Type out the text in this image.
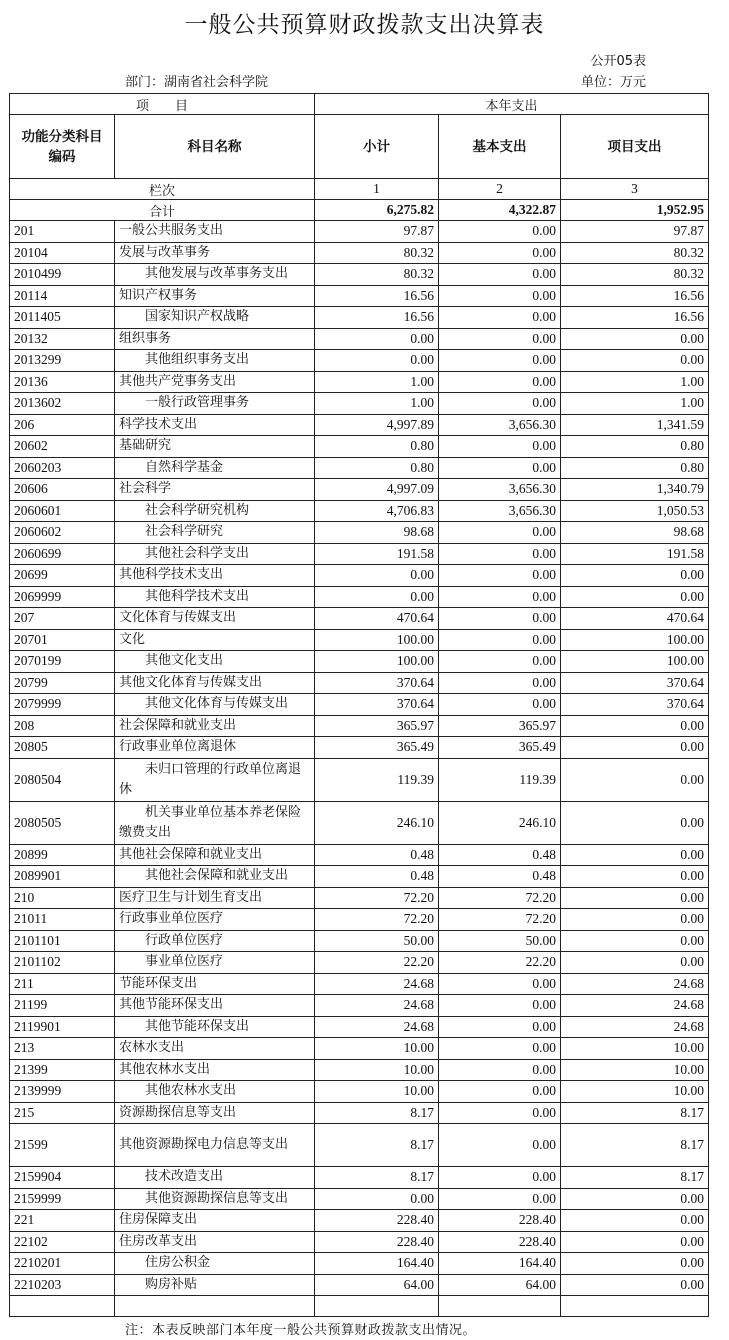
一般公共预算财政拨款支出决算表
公开05表
部门：湖南省社会科学院	单位：万元
项　　目		本年支出		
功能分类科目编码	科目名称	小计	基本支出	项目支出
栏次		1	2	3
合计		6,275.82	4,322.87	1,952.95
201	一般公共服务支出	97.87	0.00	97.87
20104	发展与改革事务	80.32	0.00	80.32
2010499	其他发展与改革事务支出	80.32	0.00	80.32
20114	知识产权事务	16.56	0.00	16.56
2011405	国家知识产权战略	16.56	0.00	16.56
20132	组织事务	0.00	0.00	0.00
2013299	其他组织事务支出	0.00	0.00	0.00
20136	其他共产党事务支出	1.00	0.00	1.00
2013602	一般行政管理事务	1.00	0.00	1.00
206	科学技术支出	4,997.89	3,656.30	1,341.59
20602	基础研究	0.80	0.00	0.80
2060203	自然科学基金	0.80	0.00	0.80
20606	社会科学	4,997.09	3,656.30	1,340.79
2060601	社会科学研究机构	4,706.83	3,656.30	1,050.53
2060602	社会科学研究	98.68	0.00	98.68
2060699	其他社会科学支出	191.58	0.00	191.58
20699	其他科学技术支出	0.00	0.00	0.00
2069999	其他科学技术支出	0.00	0.00	0.00
207	文化体育与传媒支出	470.64	0.00	470.64
20701	文化	100.00	0.00	100.00
2070199	其他文化支出	100.00	0.00	100.00
20799	其他文化体育与传媒支出	370.64	0.00	370.64
2079999	其他文化体育与传媒支出	370.64	0.00	370.64
208	社会保障和就业支出	365.97	365.97	0.00
20805	行政事业单位离退休	365.49	365.49	0.00
2080504	未归口管理的行政单位离退休	119.39	119.39	0.00
2080505	机关事业单位基本养老保险缴费支出	246.10	246.10	0.00
20899	其他社会保障和就业支出	0.48	0.48	0.00
2089901	其他社会保障和就业支出	0.48	0.48	0.00
210	医疗卫生与计划生育支出	72.20	72.20	0.00
21011	行政事业单位医疗	72.20	72.20	0.00
2101101	行政单位医疗	50.00	50.00	0.00
2101102	事业单位医疗	22.20	22.20	0.00
211	节能环保支出	24.68	0.00	24.68
21199	其他节能环保支出	24.68	0.00	24.68
2119901	其他节能环保支出	24.68	0.00	24.68
213	农林水支出	10.00	0.00	10.00
21399	其他农林水支出	10.00	0.00	10.00
2139999	其他农林水支出	10.00	0.00	10.00
215	资源勘探信息等支出	8.17	0.00	8.17
21599	其他资源勘探电力信息等支出	8.17	0.00	8.17
2159904	技术改造支出	8.17	0.00	8.17
2159999	其他资源勘探信息等支出	0.00	0.00	0.00
221	住房保障支出	228.40	228.40	0.00
22102	住房改革支出	228.40	228.40	0.00
2210201	住房公积金	164.40	164.40	0.00
2210203	购房补贴	64.00	64.00	0.00

注：本表反映部门本年度一般公共预算财政拨款支出情况。
